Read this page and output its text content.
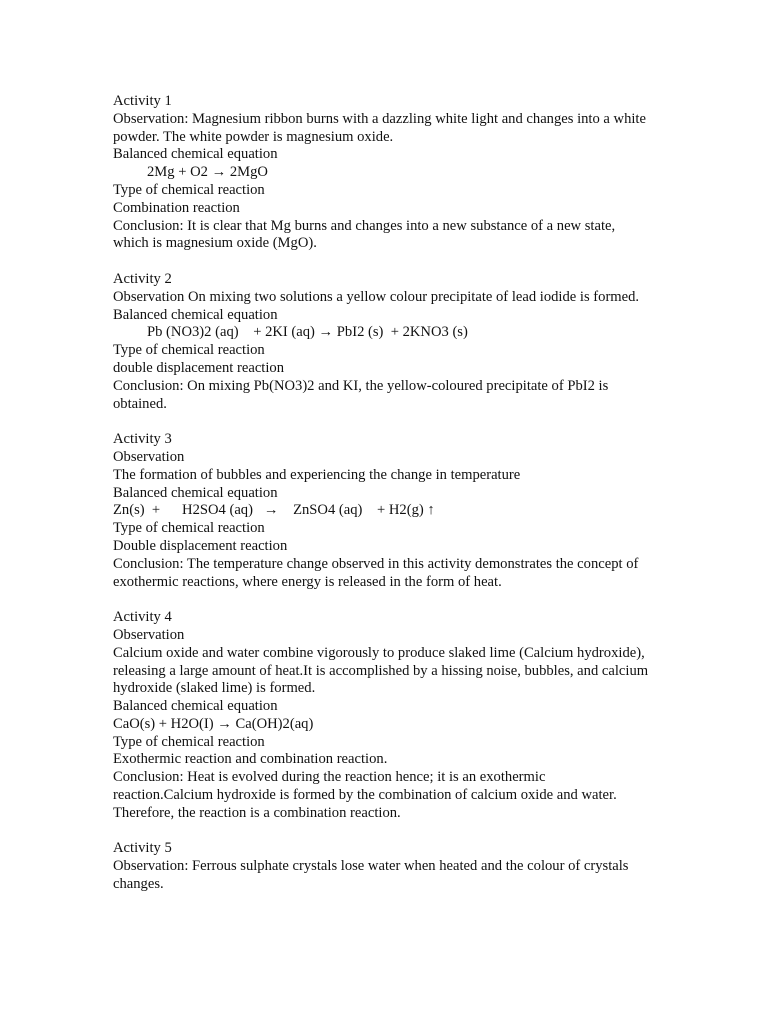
Activity 1

Observation: Magnesium ribbon burns with a dazzling white light and changes into a white powder. The white powder is magnesium oxide.

Balanced chemical equation

2Mg + O2 → 2MgO

Type of chemical reaction

Combination reaction

Conclusion: It is clear that Mg burns and changes into a new substance of a new state, which is magnesium oxide (MgO).

Activity 2

Observation On mixing two solutions a yellow colour precipitate of lead iodide is formed.

Balanced chemical equation

Pb (NO3)2 (aq)    + 2KI (aq) → PbI2 (s)  + 2KNO3 (s)

Type of chemical reaction

double displacement reaction

Conclusion: On mixing Pb(NO3)2 and KI, the yellow-coloured precipitate of PbI2 is obtained.

Activity 3

Observation

The formation of bubbles and experiencing the change in temperature

Balanced chemical equation

Zn(s)  +      H2SO4 (aq)   →    ZnSO4 (aq)    + H2(g) ↑

Type of chemical reaction

Double displacement reaction

Conclusion: The temperature change observed in this activity demonstrates the concept of exothermic reactions, where energy is released in the form of heat.

Activity 4

Observation

Calcium oxide and water combine vigorously to produce slaked lime (Calcium hydroxide), releasing a large amount of heat.It is accomplished by a hissing noise, bubbles, and calcium hydroxide (slaked lime) is formed.

Balanced chemical equation

CaO(s) + H2O(I) → Ca(OH)2(aq)

Type of chemical reaction

Exothermic reaction and combination reaction.

Conclusion: Heat is evolved during the reaction hence; it is an exothermic

reaction.Calcium hydroxide is formed by the combination of calcium oxide and water.

Therefore, the reaction is a combination reaction.

Activity 5

Observation: Ferrous sulphate crystals lose water when heated and the colour of crystals changes.
